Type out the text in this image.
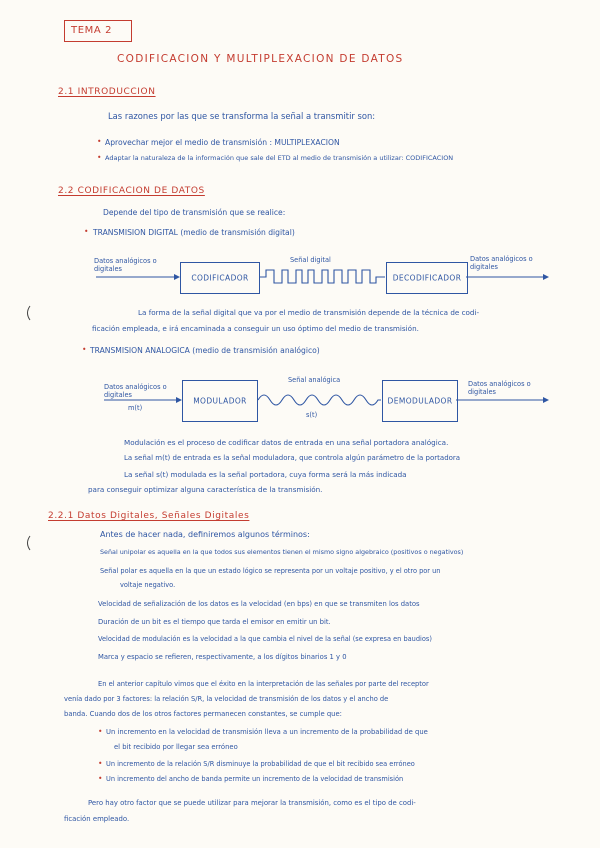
TEMA 2
CODIFICACION Y MULTIPLEXACION DE DATOS
2.1 INTRODUCCION
Las razones por las que se transforma la señal a transmitir son:
• Aprovechar mejor el medio de transmisión : MULTIPLEXACION
• Adaptar la naturaleza de la información que sale del ETD al medio de transmisión a utilizar: CODIFICACION
2.2 CODIFICACION DE DATOS
Depende del tipo de transmisión que se realice:
• TRANSMISION DIGITAL (medio de transmisión digital)
Datos analógicos o digitales
CODIFICADOR
Señal digital
DECODIFICADOR
Datos analógicos o digitales
La forma de la señal digital que va por el medio de transmisión depende de la técnica de codi-
ficación empleada, e irá encaminada a conseguir un uso óptimo del medio de transmisión.
• TRANSMISION ANALOGICA (medio de transmisión analógico)
Datos analógicos o digitales
m(t)
MODULADOR
Señal analógica
s(t)
DEMODULADOR
Datos analógicos o digitales
Modulación es el proceso de codificar datos de entrada en una señal portadora analógica.
La señal m(t) de entrada es la señal moduladora, que controla algún parámetro de la portadora
La señal s(t) modulada es la señal portadora, cuya forma será la más indicada
para conseguir optimizar alguna característica de la transmisión.
2.2.1 Datos Digitales, Señales Digitales
Antes de hacer nada, definiremos algunos términos:
Señal unipolar es aquella en la que todos sus elementos tienen el mismo signo algebraico (positivos o negativos)
Señal polar es aquella en la que un estado lógico se representa por un voltaje positivo, y el otro por un
voltaje negativo.
Velocidad de señalización de los datos es la velocidad (en bps) en que se transmiten los datos
Duración de un bit es el tiempo que tarda el emisor en emitir un bit.
Velocidad de modulación es la velocidad a la que cambia el nivel de la señal (se expresa en baudios)
Marca y espacio se refieren, respectivamente, a los dígitos binarios 1 y 0
En el anterior capítulo vimos que el éxito en la interpretación de las señales por parte del receptor
venía dado por 3 factores: la relación S/R, la velocidad de transmisión de los datos y el ancho de
banda. Cuando dos de los otros factores permanecen constantes, se cumple que:
• Un incremento en la velocidad de transmisión lleva a un incremento de la probabilidad de que
el bit recibido por llegar sea erróneo
• Un incremento de la relación S/R disminuye la probabilidad de que el bit recibido sea erróneo
• Un incremento del ancho de banda permite un incremento de la velocidad de transmisión
Pero hay otro factor que se puede utilizar para mejorar la transmisión, como es el tipo de codi-
ficación empleado.
